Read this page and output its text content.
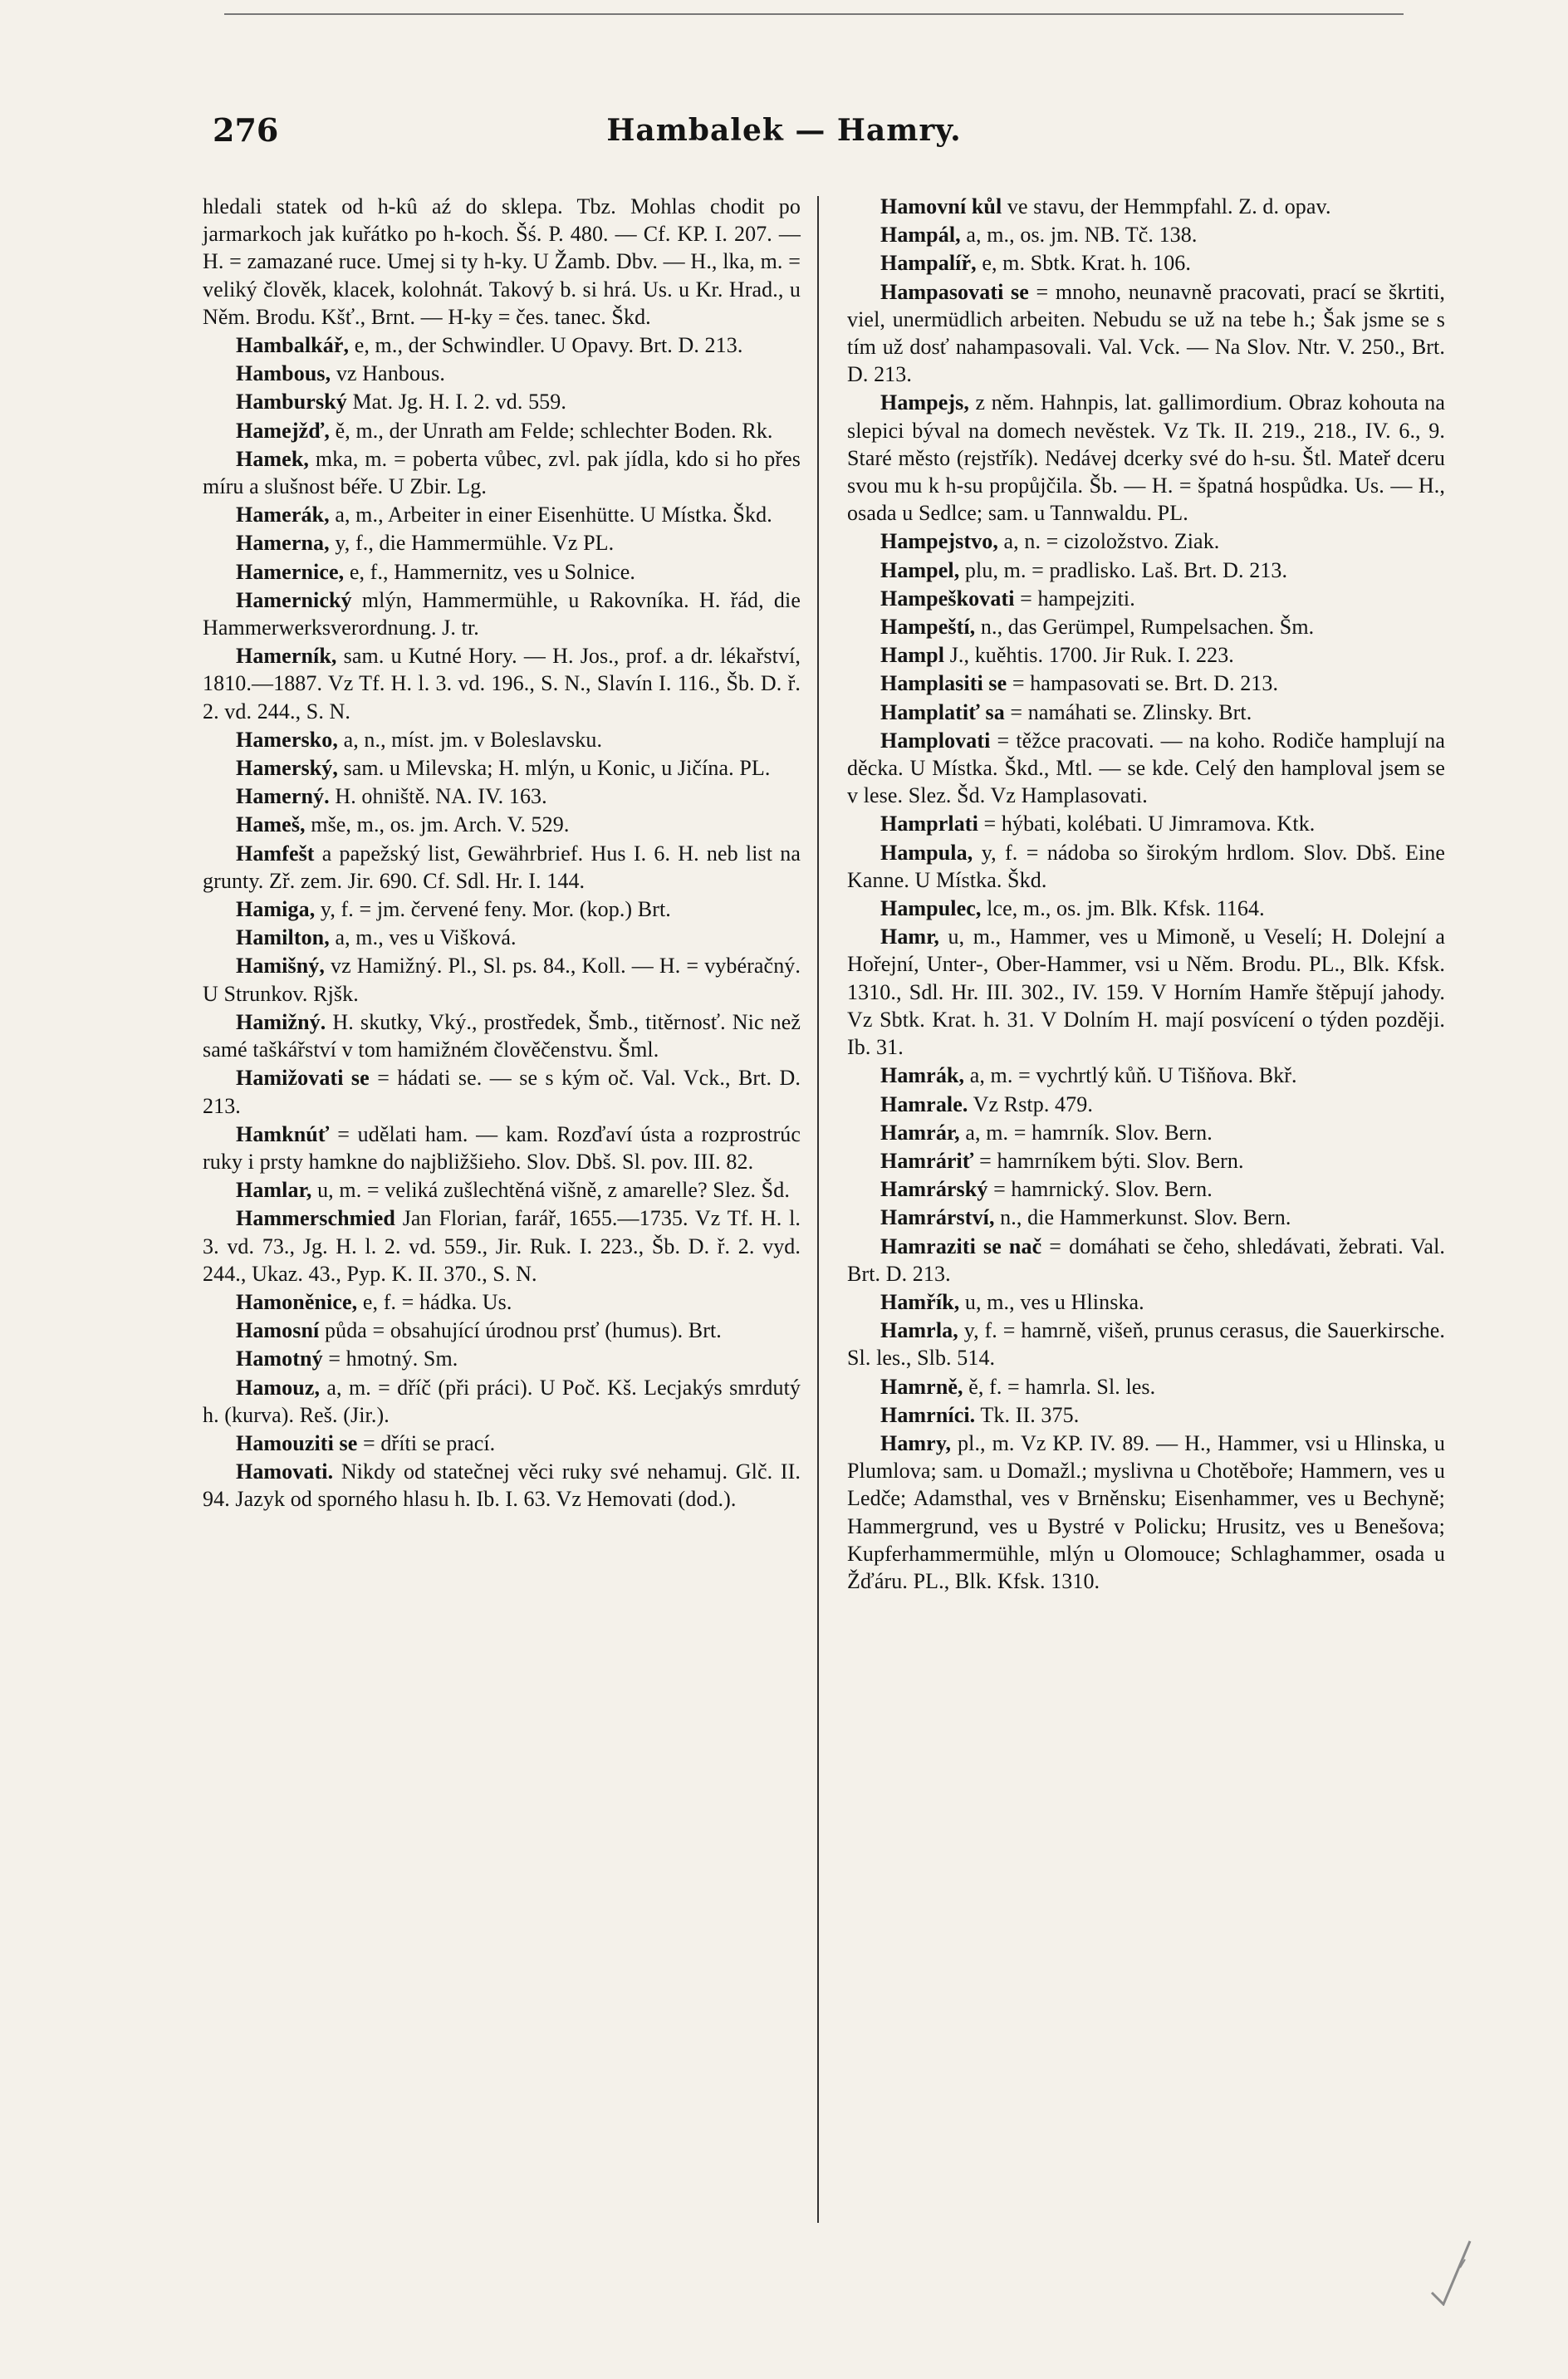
276	Hambalek — Hamry.

hledali statek od h-kû aź do sklepa. Tbz. Mohlas chodit po jarmarkoch jak kuřátko po h-koch. Šś. P. 480. — Cf. KP. I. 207. — H. = zamazané ruce. Umej si ty h-ky. U Žamb. Dbv. — H., lka, m. = veliký člověk, klacek, kolohnát. Takový b. si hrá. Us. u Kr. Hrad., u Něm. Brodu. Kšť., Brnt. — H-ky = čes. tanec. Škd.

Hambalkář, e, m., der Schwindler. U Opavy. Brt. D. 213.

Hambous, vz Hanbous.

Hamburský Mat. Jg. H. I. 2. vd. 559.

Hamejžď, ě, m., der Unrath am Felde; schlechter Boden. Rk.

Hamek, mka, m. = poberta vůbec, zvl. pak jídla, kdo si ho přes míru a slušnost béře. U Zbir. Lg.

Hamerák, a, m., Arbeiter in einer Eisenhütte. U Místka. Škd.

Hamerna, y, f., die Hammermühle. Vz PL.

Hamernice, e, f., Hammernitz, ves u Solnice.

Hamernický mlýn, Hammermühle, u Rakovníka. H. řád, die Hammerwerksverordnung. J. tr.

Hamerník, sam. u Kutné Hory. — H. Jos., prof. a dr. lékařství, 1810.—1887. Vz Tf. H. l. 3. vd. 196., S. N., Slavín I. 116., Šb. D. ř. 2. vd. 244., S. N.

Hamersko, a, n., míst. jm. v Boleslavsku.

Hamerský, sam. u Milevska; H. mlýn, u Konic, u Jičína. PL.

Hamerný. H. ohniště. NA. IV. 163.

Hameš, mše, m., os. jm. Arch. V. 529.

Hamfešt a papežský list, Gewährbrief. Hus I. 6. H. neb list na grunty. Zř. zem. Jir. 690. Cf. Sdl. Hr. I. 144.

Hamiga, y, f. = jm. červené feny. Mor. (kop.) Brt.

Hamilton, a, m., ves u Višková.

Hamišný, vz Hamižný. Pl., Sl. ps. 84., Koll. — H. = vybéračný. U Strunkov. Rjšk.

Hamižný. H. skutky, Vký., prostředek, Šmb., titěrnosť. Nic než samé taškářství v tom hamižném člověčenstvu. Šml.

Hamižovati se = hádati se. — se s kým oč. Val. Vck., Brt. D. 213.

Hamknúť = udělati ham. — kam. Rozďaví ústa a rozprostrúc ruky i prsty hamkne do najbližšieho. Slov. Dbš. Sl. pov. III. 82.

Hamlar, u, m. = veliká zušlechtěná višně, z amarelle? Slez. Šd.

Hammerschmied Jan Florian, farář, 1655.—1735. Vz Tf. H. l. 3. vd. 73., Jg. H. l. 2. vd. 559., Jir. Ruk. I. 223., Šb. D. ř. 2. vyd. 244., Ukaz. 43., Pyp. K. II. 370., S. N.

Hamoněnice, e, f. = hádka. Us.

Hamosní půda = obsahující úrodnou prsť (humus). Brt.

Hamotný = hmotný. Sm.

Hamouz, a, m. = dříč (při práci). U Poč. Kš. Lecjakýs smrdutý h. (kurva). Reš. (Jir.).

Hamouziti se = dříti se prací.

Hamovati. Nikdy od statečnej věci ruky své nehamuj. Glč. II. 94. Jazyk od sporného hlasu h. Ib. I. 63. Vz Hemovati (dod.).

Hamovní kůl ve stavu, der Hemmpfahl. Z. d. opav.

Hampál, a, m., os. jm. NB. Tč. 138.

Hampalíř, e, m. Sbtk. Krat. h. 106.

Hampasovati se = mnoho, neunavně pracovati, prací se škrtiti, viel, unermüdlich arbeiten. Nebudu se už na tebe h.; Šak jsme se s tím už dosť nahampasovali. Val. Vck. — Na Slov. Ntr. V. 250., Brt. D. 213.

Hampejs, z něm. Hahnpis, lat. gallimordium. Obraz kohouta na slepici býval na domech nevěstek. Vz Tk. II. 219., 218., IV. 6., 9. Staré město (rejstřík). Nedávej dcerky své do h-su. Štl. Mateř dceru svou mu k h-su propůjčila. Šb. — H. = špatná hospůdka. Us. — H., osada u Sedlce; sam. u Tannwaldu. PL.

Hampejstvo, a, n. = cizoložstvo. Ziak.

Hampel, plu, m. = pradlisko. Laš. Brt. D. 213.

Hampeškovati = hampejziti.

Hampeští, n., das Gerümpel, Rumpelsachen. Šm.

Hampl J., kuěhtis. 1700. Jir Ruk. I. 223.

Hamplasiti se = hampasovati se. Brt. D. 213.

Hamplatiť sa = namáhati se. Zlinsky. Brt.

Hamplovati = těžce pracovati. — na koho. Rodiče hamplují na děcka. U Místka. Škd., Mtl. — se kde. Celý den hamploval jsem se v lese. Slez. Šd. Vz Hamplasovati.

Hamprlati = hýbati, kolébati. U Jimramova. Ktk.

Hampula, y, f. = nádoba so širokým hrdlom. Slov. Dbš. Eine Kanne. U Místka. Škd.

Hampulec, lce, m., os. jm. Blk. Kfsk. 1164.

Hamr, u, m., Hammer, ves u Mimoně, u Veselí; H. Dolejní a Hořejní, Unter-, Ober-Hammer, vsi u Něm. Brodu. PL., Blk. Kfsk. 1310., Sdl. Hr. III. 302., IV. 159. V Horním Hamře štěpují jahody. Vz Sbtk. Krat. h. 31. V Dolním H. mají posvícení o týden později. Ib. 31.

Hamrák, a, m. = vychrtlý kůň. U Tišňova. Bkř.

Hamrale. Vz Rstp. 479.

Hamrár, a, m. = hamrník. Slov. Bern.

Hamráriť = hamrníkem býti. Slov. Bern.

Hamrárský = hamrnický. Slov. Bern.

Hamrárství, n., die Hammerkunst. Slov. Bern.

Hamraziti se nač = domáhati se čeho, shledávati, žebrati. Val. Brt. D. 213.

Hamřík, u, m., ves u Hlinska.

Hamrla, y, f. = hamrně, višeň, prunus cerasus, die Sauerkirsche. Sl. les., Slb. 514.

Hamrně, ě, f. = hamrla. Sl. les.

Hamrníci. Tk. II. 375.

Hamry, pl., m. Vz KP. IV. 89. — H., Hammer, vsi u Hlinska, u Plumlova; sam. u Domažl.; myslivna u Chotěboře; Hammern, ves u Ledče; Adamsthal, ves v Brněnsku; Eisenhammer, ves u Bechyně; Hammergrund, ves u Bystré v Policku; Hrusitz, ves u Benešova; Kupferhammermühle, mlýn u Olomouce; Schlaghammer, osada u Žďáru. PL., Blk. Kfsk. 1310.
